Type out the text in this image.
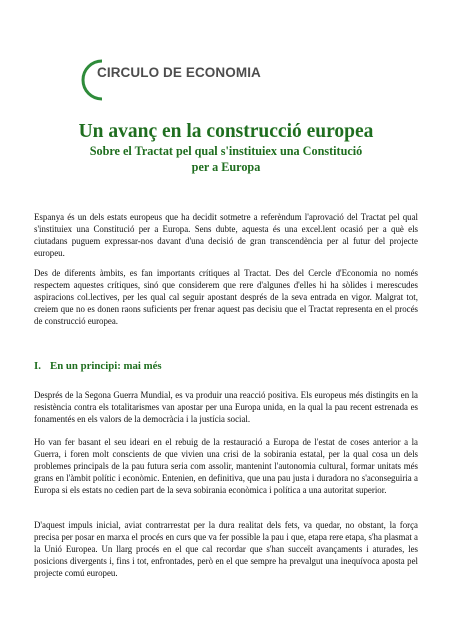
CIRCULO DE ECONOMIA
Un avanç en la construcció europea
Sobre el Tractat pel qual s'instituiex una Constitució
per a Europa

Espanya és un dels estats europeus que ha decidit sotmetre a referèndum l'aprovació del Tractat pel qual s'instituiex una Constitució per a Europa. Sens dubte, aquesta és una excel.lent ocasió per a què els ciutadans puguem expressar-nos davant d'una decisió de gran transcendència per al futur del projecte europeu.

Des de diferents àmbits, es fan importants crítiques al Tractat. Des del Cercle d'Economia no només respectem aquestes crítiques, sinó que considerem que rere d'algunes d'elles hi ha sòlides i merescudes aspiracions col.lectives, per les qual cal seguir apostant després de la seva entrada en vigor. Malgrat tot, creiem que no es donen raons suficients per frenar aquest pas decisiu que el Tractat representa en el procés de construcció europea.

I. En un principi: mai més

Després de la Segona Guerra Mundial, es va produir una reacció positiva. Els europeus més distingits en la resistència contra els totalitarismes van apostar per una Europa unida, en la qual la pau recent estrenada es fonamentés en els valors de la democràcia i la justícia social.

Ho van fer basant el seu ideari en el rebuig de la restauració a Europa de l'estat de coses anterior a la Guerra, i foren molt conscients de que vivien una crisi de la sobirania estatal, per la qual cosa un dels problemes principals de la pau futura seria com assolir, mantenint l'autonomia cultural, formar unitats més grans en l'àmbit polític i econòmic. Entenien, en definitiva, que una pau justa i duradora no s'aconseguiria a Europa si els estats no cedien part de la seva sobirania econòmica i política a una autoritat superior.

D'aquest impuls inicial, aviat contrarrestat per la dura realitat dels fets, va quedar, no obstant, la força precisa per posar en marxa el procés en curs que va fer possible la pau i que, etapa rere etapa, s'ha plasmat a la Unió Europea. Un llarg procés en el que cal recordar que s'han succeït avançaments i aturades, les posicions divergents i, fins i tot, enfrontades, però en el que sempre ha prevalgut una inequívoca aposta pel projecte comú europeu.
